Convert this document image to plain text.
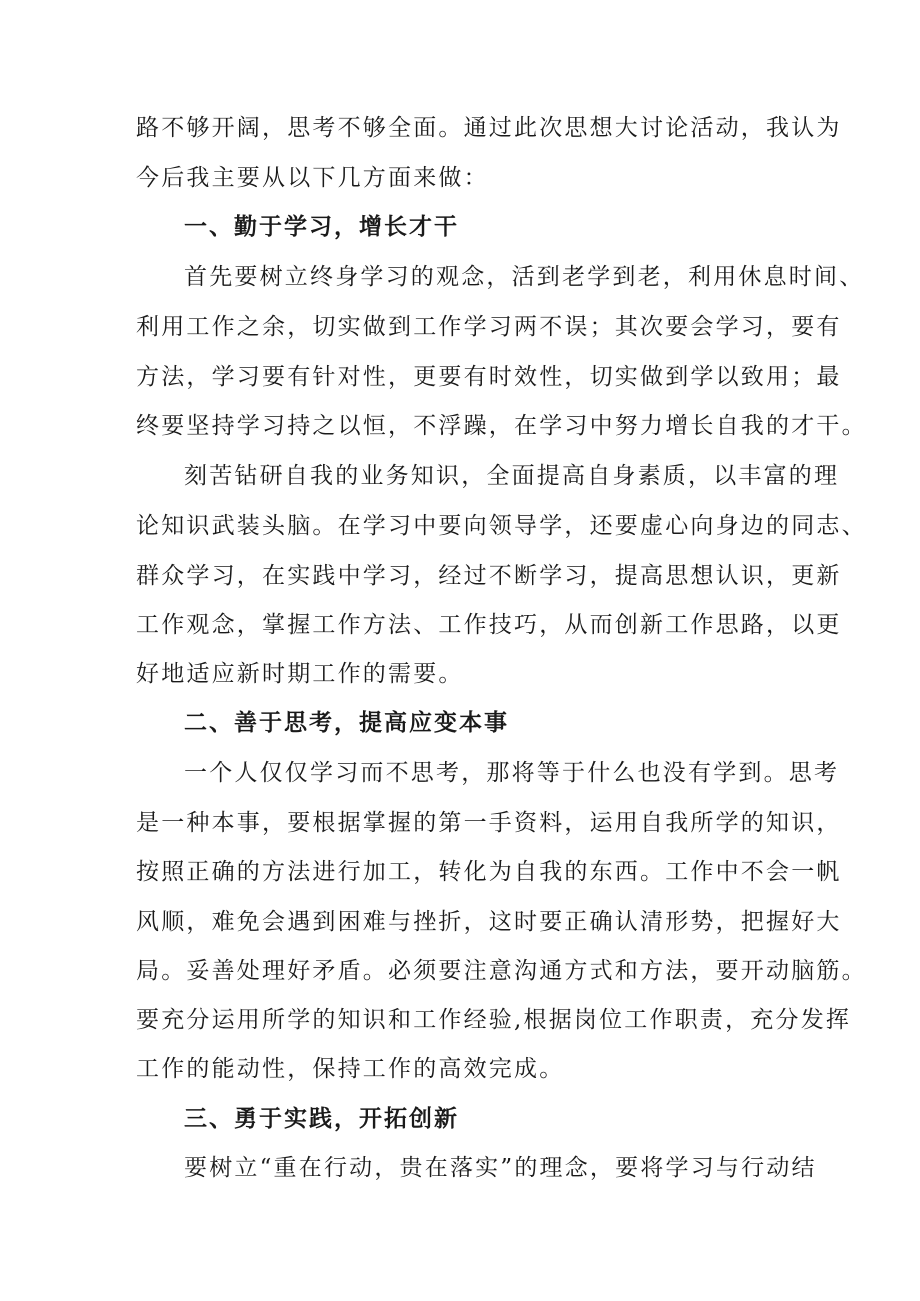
路不够开阔，思考不够全面。通过此次思想大讨论活动，我认为
今后我主要从以下几方面来做：
一、勤于学习，增长才干
首先要树立终身学习的观念，活到老学到老，利用休息时间、
利用工作之余，切实做到工作学习两不误；其次要会学习，要有
方法，学习要有针对性，更要有时效性，切实做到学以致用；最
终要坚持学习持之以恒，不浮躁，在学习中努力增长自我的才干。
刻苦钻研自我的业务知识，全面提高自身素质，以丰富的理
论知识武装头脑。在学习中要向领导学，还要虚心向身边的同志、
群众学习，在实践中学习，经过不断学习，提高思想认识，更新
工作观念，掌握工作方法、工作技巧，从而创新工作思路，以更
好地适应新时期工作的需要。
二、善于思考，提高应变本事
一个人仅仅学习而不思考，那将等于什么也没有学到。思考
是一种本事，要根据掌握的第一手资料，运用自我所学的知识，
按照正确的方法进行加工，转化为自我的东西。工作中不会一帆
风顺，难免会遇到困难与挫折，这时要正确认清形势，把握好大
局。妥善处理好矛盾。必须要注意沟通方式和方法，要开动脑筋。
要充分运用所学的知识和工作经验,根据岗位工作职责，充分发挥
工作的能动性，保持工作的高效完成。
三、勇于实践，开拓创新
要树立“重在行动，贵在落实”的理念，要将学习与行动结
